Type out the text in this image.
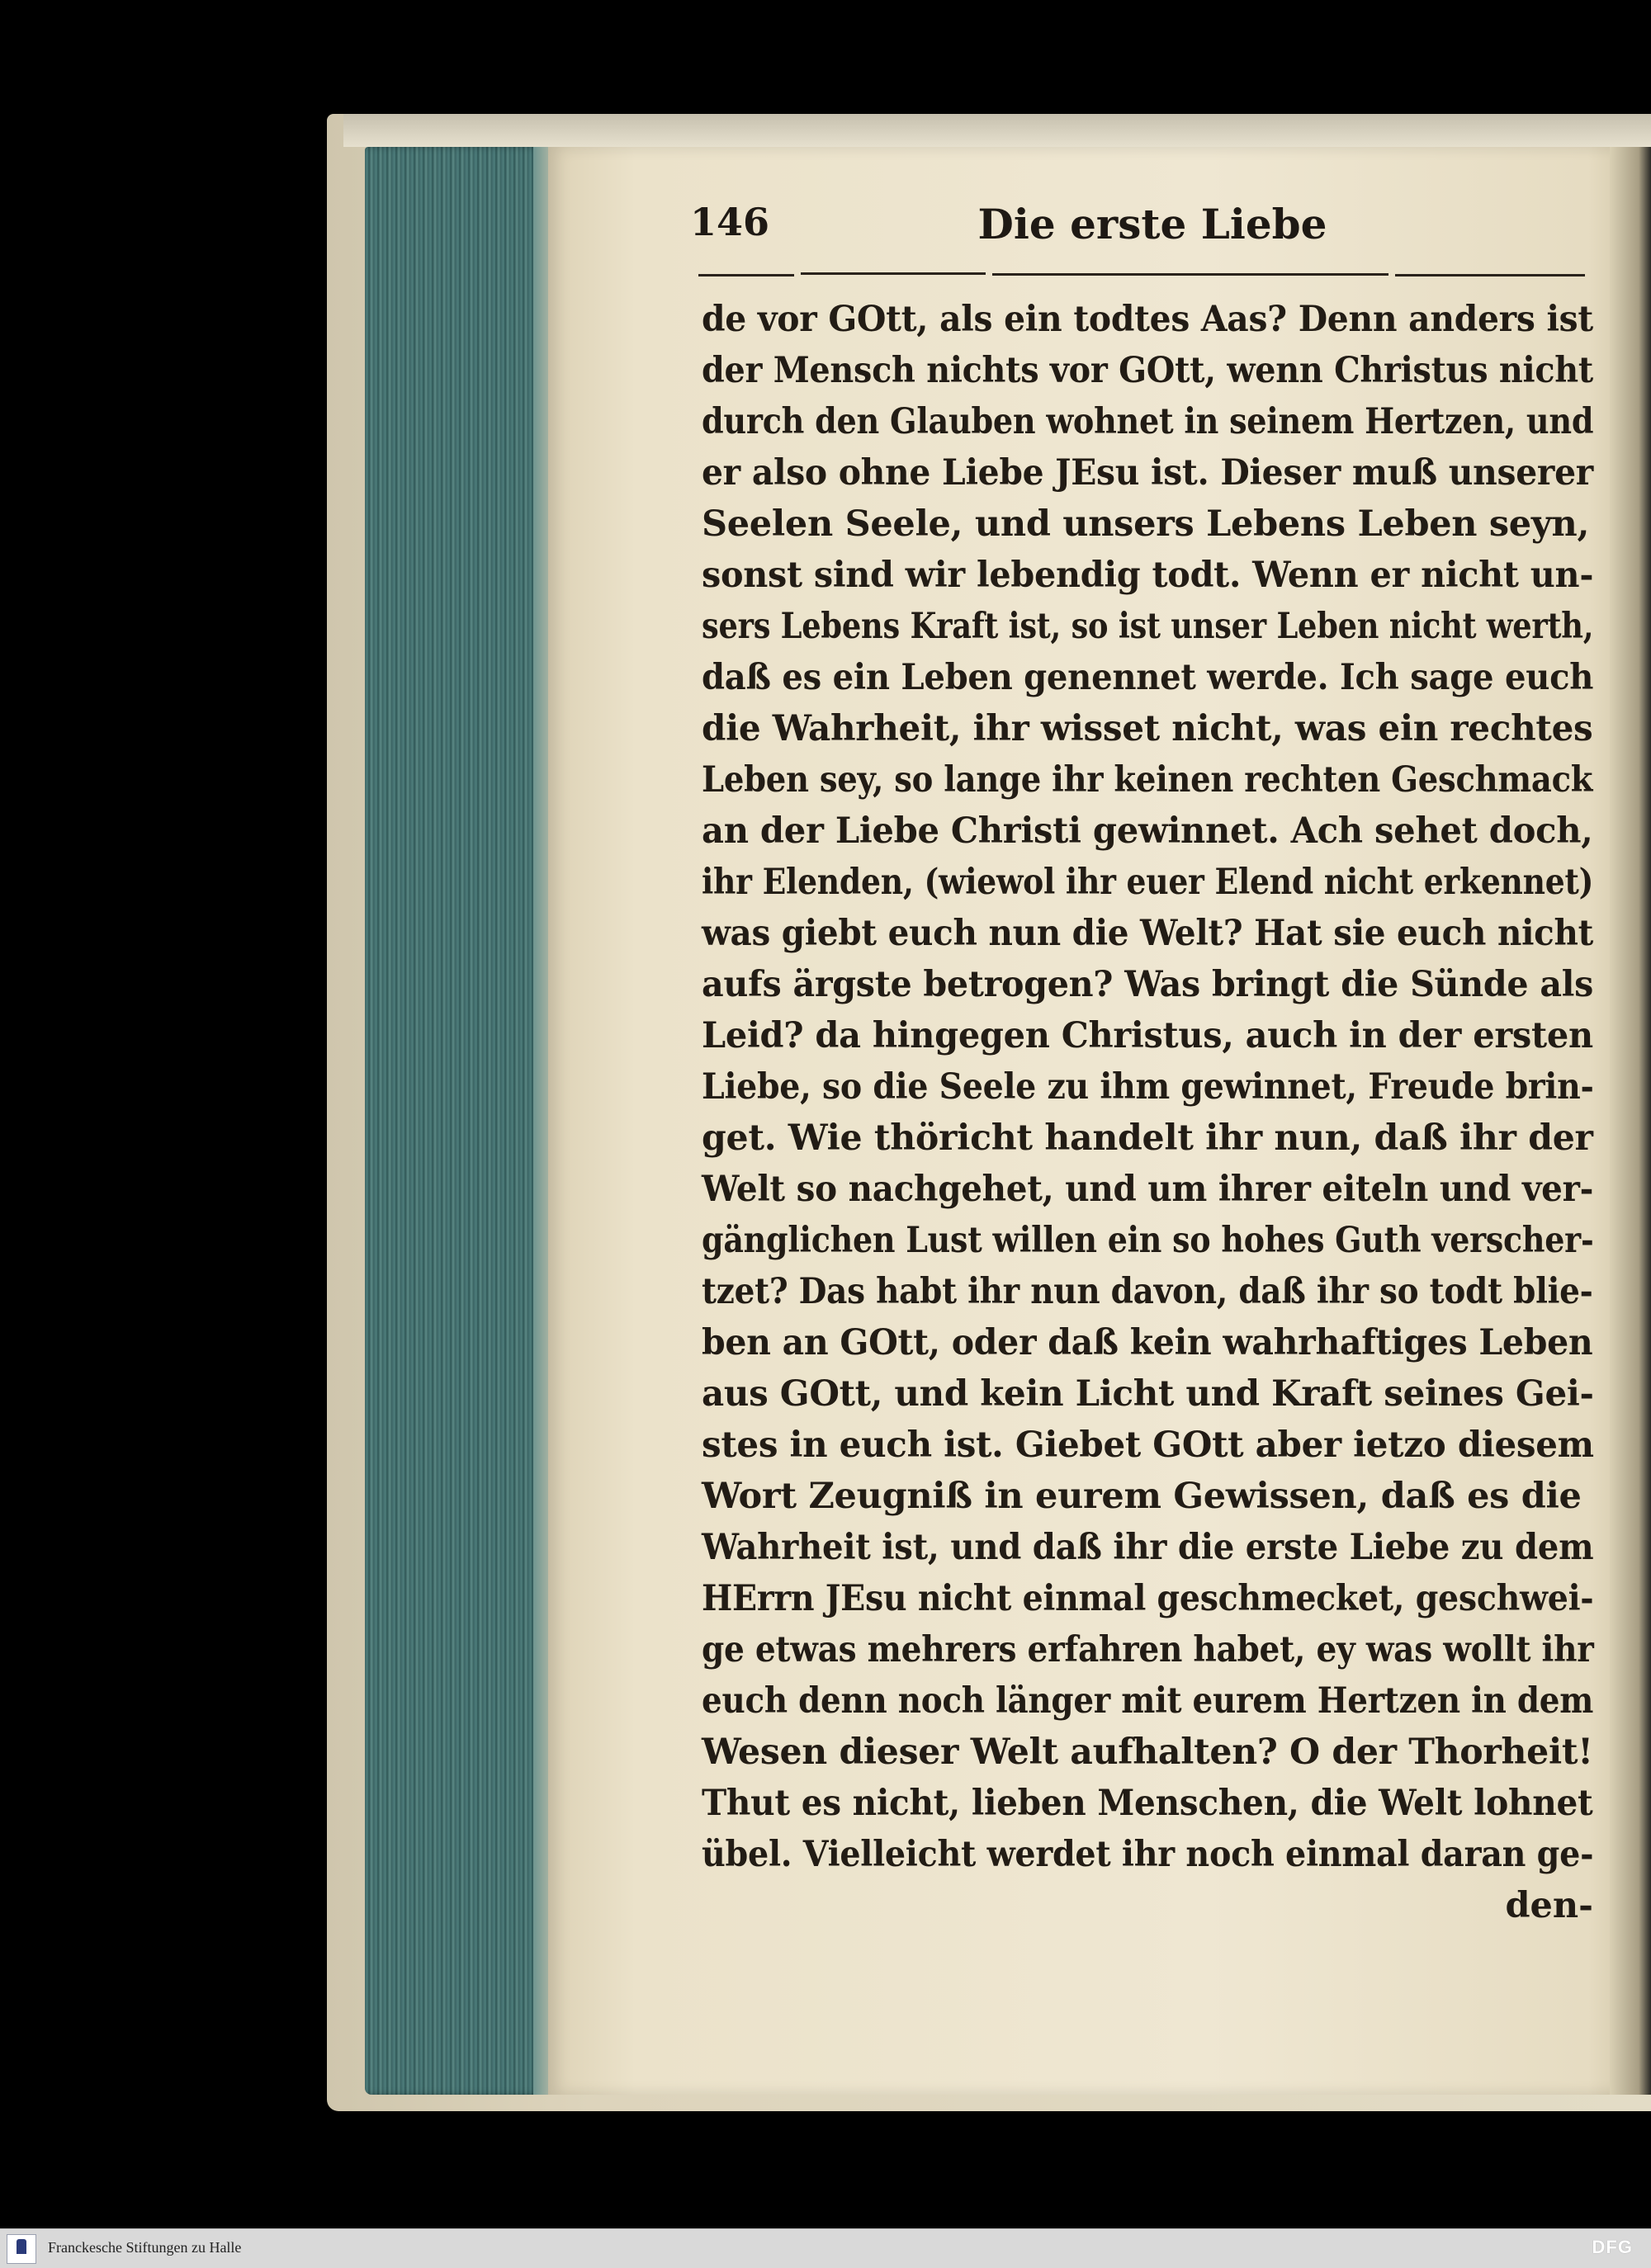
146	Die erste Liebe
de vor GOtt, als ein todtes Aas? Denn anders ist
der Mensch nichts vor GOtt, wenn Christus nicht
durch den Glauben wohnet in seinem Hertzen, und
er also ohne Liebe JEsu ist. Dieser muß unserer
Seelen Seele, und unsers Lebens Leben seyn,
sonst sind wir lebendig todt. Wenn er nicht un-
sers Lebens Kraft ist, so ist unser Leben nicht werth,
daß es ein Leben genennet werde. Ich sage euch
die Wahrheit, ihr wisset nicht, was ein rechtes
Leben sey, so lange ihr keinen rechten Geschmack
an der Liebe Christi gewinnet. Ach sehet doch,
ihr Elenden, (wiewol ihr euer Elend nicht erkennet)
was giebt euch nun die Welt? Hat sie euch nicht
aufs ärgste betrogen? Was bringt die Sünde als
Leid? da hingegen Christus, auch in der ersten
Liebe, so die Seele zu ihm gewinnet, Freude brin-
get. Wie thöricht handelt ihr nun, daß ihr der
Welt so nachgehet, und um ihrer eiteln und ver-
gänglichen Lust willen ein so hohes Guth verscher-
tzet? Das habt ihr nun davon, daß ihr so todt blie-
ben an GOtt, oder daß kein wahrhaftiges Leben
aus GOtt, und kein Licht und Kraft seines Gei-
stes in euch ist. Giebet GOtt aber ietzo diesem
Wort Zeugniß in eurem Gewissen, daß es die
Wahrheit ist, und daß ihr die erste Liebe zu dem
HErrn JEsu nicht einmal geschmecket, geschwei-
ge etwas mehrers erfahren habet, ey was wollt ihr
euch denn noch länger mit eurem Hertzen in dem
Wesen dieser Welt aufhalten? O der Thorheit!
Thut es nicht, lieben Menschen, die Welt lohnet
übel. Vielleicht werdet ihr noch einmal daran ge-
den-
Franckesche Stiftungen zu Halle	DFG
